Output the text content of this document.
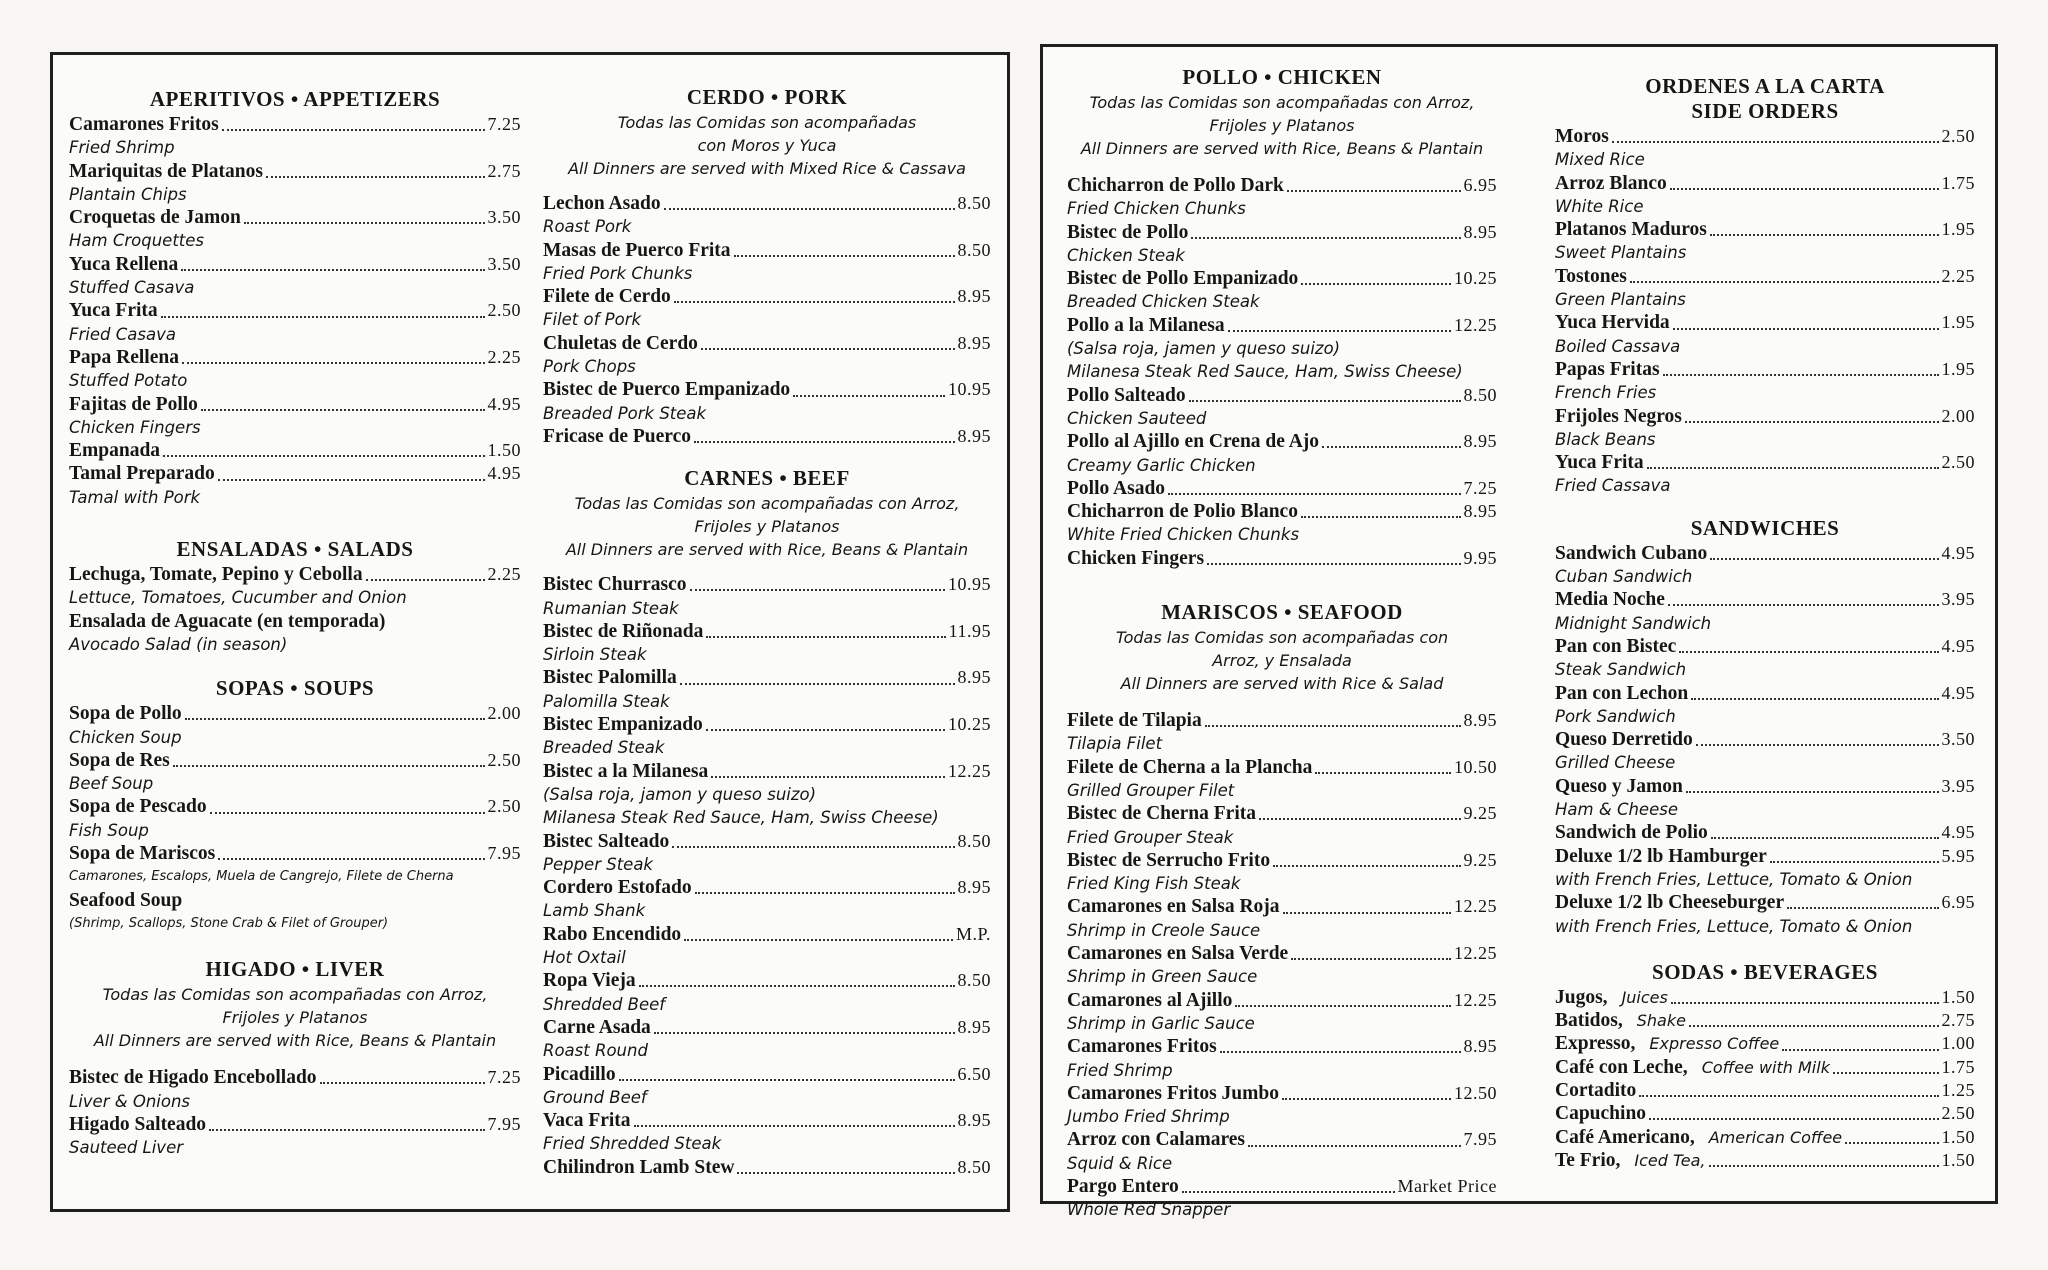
APERITIVOS • APPETIZERS
Camarones Fritos	7.25
Fried Shrimp
Mariquitas de Platanos	2.75
Plantain Chips
Croquetas de Jamon	3.50
Ham Croquettes
Yuca Rellena	3.50
Stuffed Casava
Yuca Frita	2.50
Fried Casava
Papa Rellena	2.25
Stuffed Potato
Fajitas de Pollo	4.95
Chicken Fingers
Empanada	1.50
Tamal Preparado	4.95
Tamal with Pork
ENSALADAS • SALADS
Lechuga, Tomate, Pepino y Cebolla	2.25
Lettuce, Tomatoes, Cucumber and Onion
Ensalada de Aguacate (en temporada)
Avocado Salad (in season)
SOPAS • SOUPS
Sopa de Pollo	2.00
Chicken Soup
Sopa de Res	2.50
Beef Soup
Sopa de Pescado	2.50
Fish Soup
Sopa de Mariscos	7.95
Camarones, Escalops, Muela de Cangrejo, Filete de Cherna
Seafood Soup
(Shrimp, Scallops, Stone Crab & Filet of Grouper)
HIGADO • LIVER
Todas las Comidas son acompañadas con Arroz,
Frijoles y Platanos
All Dinners are served with Rice, Beans & Plantain
Bistec de Higado Encebollado	7.25
Liver & Onions
Higado Salteado	7.95
Sauteed Liver
CERDO • PORK
Todas las Comidas son acompañadas
con Moros y Yuca
All Dinners are served with Mixed Rice & Cassava
Lechon Asado	8.50
Roast Pork
Masas de Puerco Frita	8.50
Fried Pork Chunks
Filete de Cerdo	8.95
Filet of Pork
Chuletas de Cerdo	8.95
Pork Chops
Bistec de Puerco Empanizado	10.95
Breaded Pork Steak
Fricase de Puerco	8.95
CARNES • BEEF
Todas las Comidas son acompañadas con Arroz,
Frijoles y Platanos
All Dinners are served with Rice, Beans & Plantain
Bistec Churrasco	10.95
Rumanian Steak
Bistec de Riñonada	11.95
Sirloin Steak
Bistec Palomilla	8.95
Palomilla Steak
Bistec Empanizado	10.25
Breaded Steak
Bistec a la Milanesa	12.25
(Salsa roja, jamon y queso suizo)
Milanesa Steak Red Sauce, Ham, Swiss Cheese)
Bistec Salteado	8.50
Pepper Steak
Cordero Estofado	8.95
Lamb Shank
Rabo Encendido	M.P.
Hot Oxtail
Ropa Vieja	8.50
Shredded Beef
Carne Asada	8.95
Roast Round
Picadillo	6.50
Ground Beef
Vaca Frita	8.95
Fried Shredded Steak
Chilindron Lamb Stew	8.50
POLLO • CHICKEN
Todas las Comidas son acompañadas con Arroz,
Frijoles y Platanos
All Dinners are served with Rice, Beans & Plantain
Chicharron de Pollo Dark	6.95
Fried Chicken Chunks
Bistec de Pollo	8.95
Chicken Steak
Bistec de Pollo Empanizado	10.25
Breaded Chicken Steak
Pollo a la Milanesa	12.25
(Salsa roja, jamen y queso suizo)
Milanesa Steak Red Sauce, Ham, Swiss Cheese)
Pollo Salteado	8.50
Chicken Sauteed
Pollo al Ajillo en Crena de Ajo	8.95
Creamy Garlic Chicken
Pollo Asado	7.25
Chicharron de Polio Blanco	8.95
White Fried Chicken Chunks
Chicken Fingers	9.95
MARISCOS • SEAFOOD
Todas las Comidas son acompañadas con
Arroz, y Ensalada
All Dinners are served with Rice & Salad
Filete de Tilapia	8.95
Tilapia Filet
Filete de Cherna a la Plancha	10.50
Grilled Grouper Filet
Bistec de Cherna Frita	9.25
Fried Grouper Steak
Bistec de Serrucho Frito	9.25
Fried King Fish Steak
Camarones en Salsa Roja	12.25
Shrimp in Creole Sauce
Camarones en Salsa Verde	12.25
Shrimp in Green Sauce
Camarones al Ajillo	12.25
Shrimp in Garlic Sauce
Camarones Fritos	8.95
Fried Shrimp
Camarones Fritos Jumbo	12.50
Jumbo Fried Shrimp
Arroz con Calamares	7.95
Squid & Rice
Pargo Entero	Market Price
Whole Red Snapper
ORDENES A LA CARTA
SIDE ORDERS
Moros	2.50
Mixed Rice
Arroz Blanco	1.75
White Rice
Platanos Maduros	1.95
Sweet Plantains
Tostones	2.25
Green Plantains
Yuca Hervida	1.95
Boiled Cassava
Papas Fritas	1.95
French Fries
Frijoles Negros	2.00
Black Beans
Yuca Frita	2.50
Fried Cassava
SANDWICHES
Sandwich Cubano	4.95
Cuban Sandwich
Media Noche	3.95
Midnight Sandwich
Pan con Bistec	4.95
Steak Sandwich
Pan con Lechon	4.95
Pork Sandwich
Queso Derretido	3.50
Grilled Cheese
Queso y Jamon	3.95
Ham & Cheese
Sandwich de Polio	4.95
Deluxe 1/2 lb Hamburger	5.95
with French Fries, Lettuce, Tomato & Onion
Deluxe 1/2 lb Cheeseburger	6.95
with French Fries, Lettuce, Tomato & Onion
SODAS • BEVERAGES
Jugos, Juices	1.50
Batidos, Shake	2.75
Expresso, Expresso Coffee	1.00
Café con Leche, Coffee with Milk	1.75
Cortadito	1.25
Capuchino	2.50
Café Americano, American Coffee	1.50
Te Frio, Iced Tea,	1.50
